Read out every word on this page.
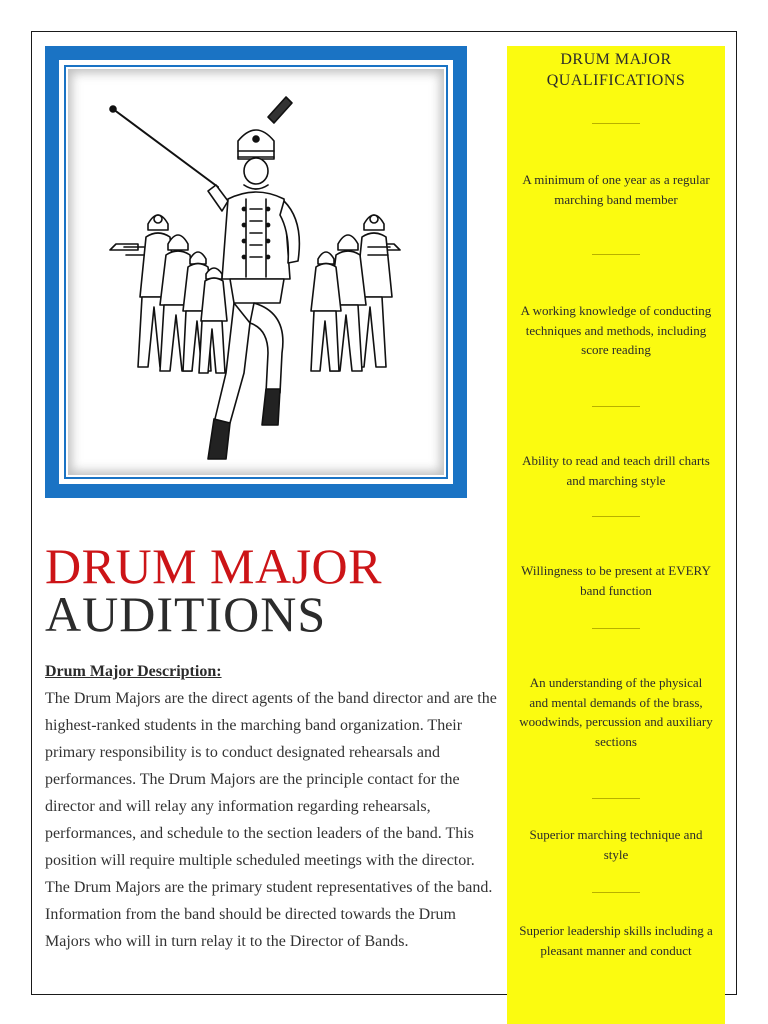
DRUM MAJOR
AUDITIONS
Drum Major Description:

The Drum Majors are the direct agents of the band director and are the highest-ranked students in the marching band organization. Their primary responsibility is to conduct designated rehearsals and performances. The Drum Majors are the principle contact for the director and will relay any information regarding rehearsals, performances, and schedule to the section leaders of the band. This position will require multiple scheduled meetings with the director. The Drum Majors are the primary student representatives of the band. Information from the band should be directed towards the Drum Majors who will in turn relay it to the Director of Bands.

DRUM MAJOR QUALIFICATIONS

A minimum of one year as a regular marching band member

A working knowledge of conducting techniques and methods, including score reading

Ability to read and teach drill charts and marching style

Willingness to be present at EVERY band function

An understanding of the physical and mental demands of the brass, woodwinds, percussion and auxiliary sections

Superior marching technique and style

Superior leadership skills including a pleasant manner and conduct
